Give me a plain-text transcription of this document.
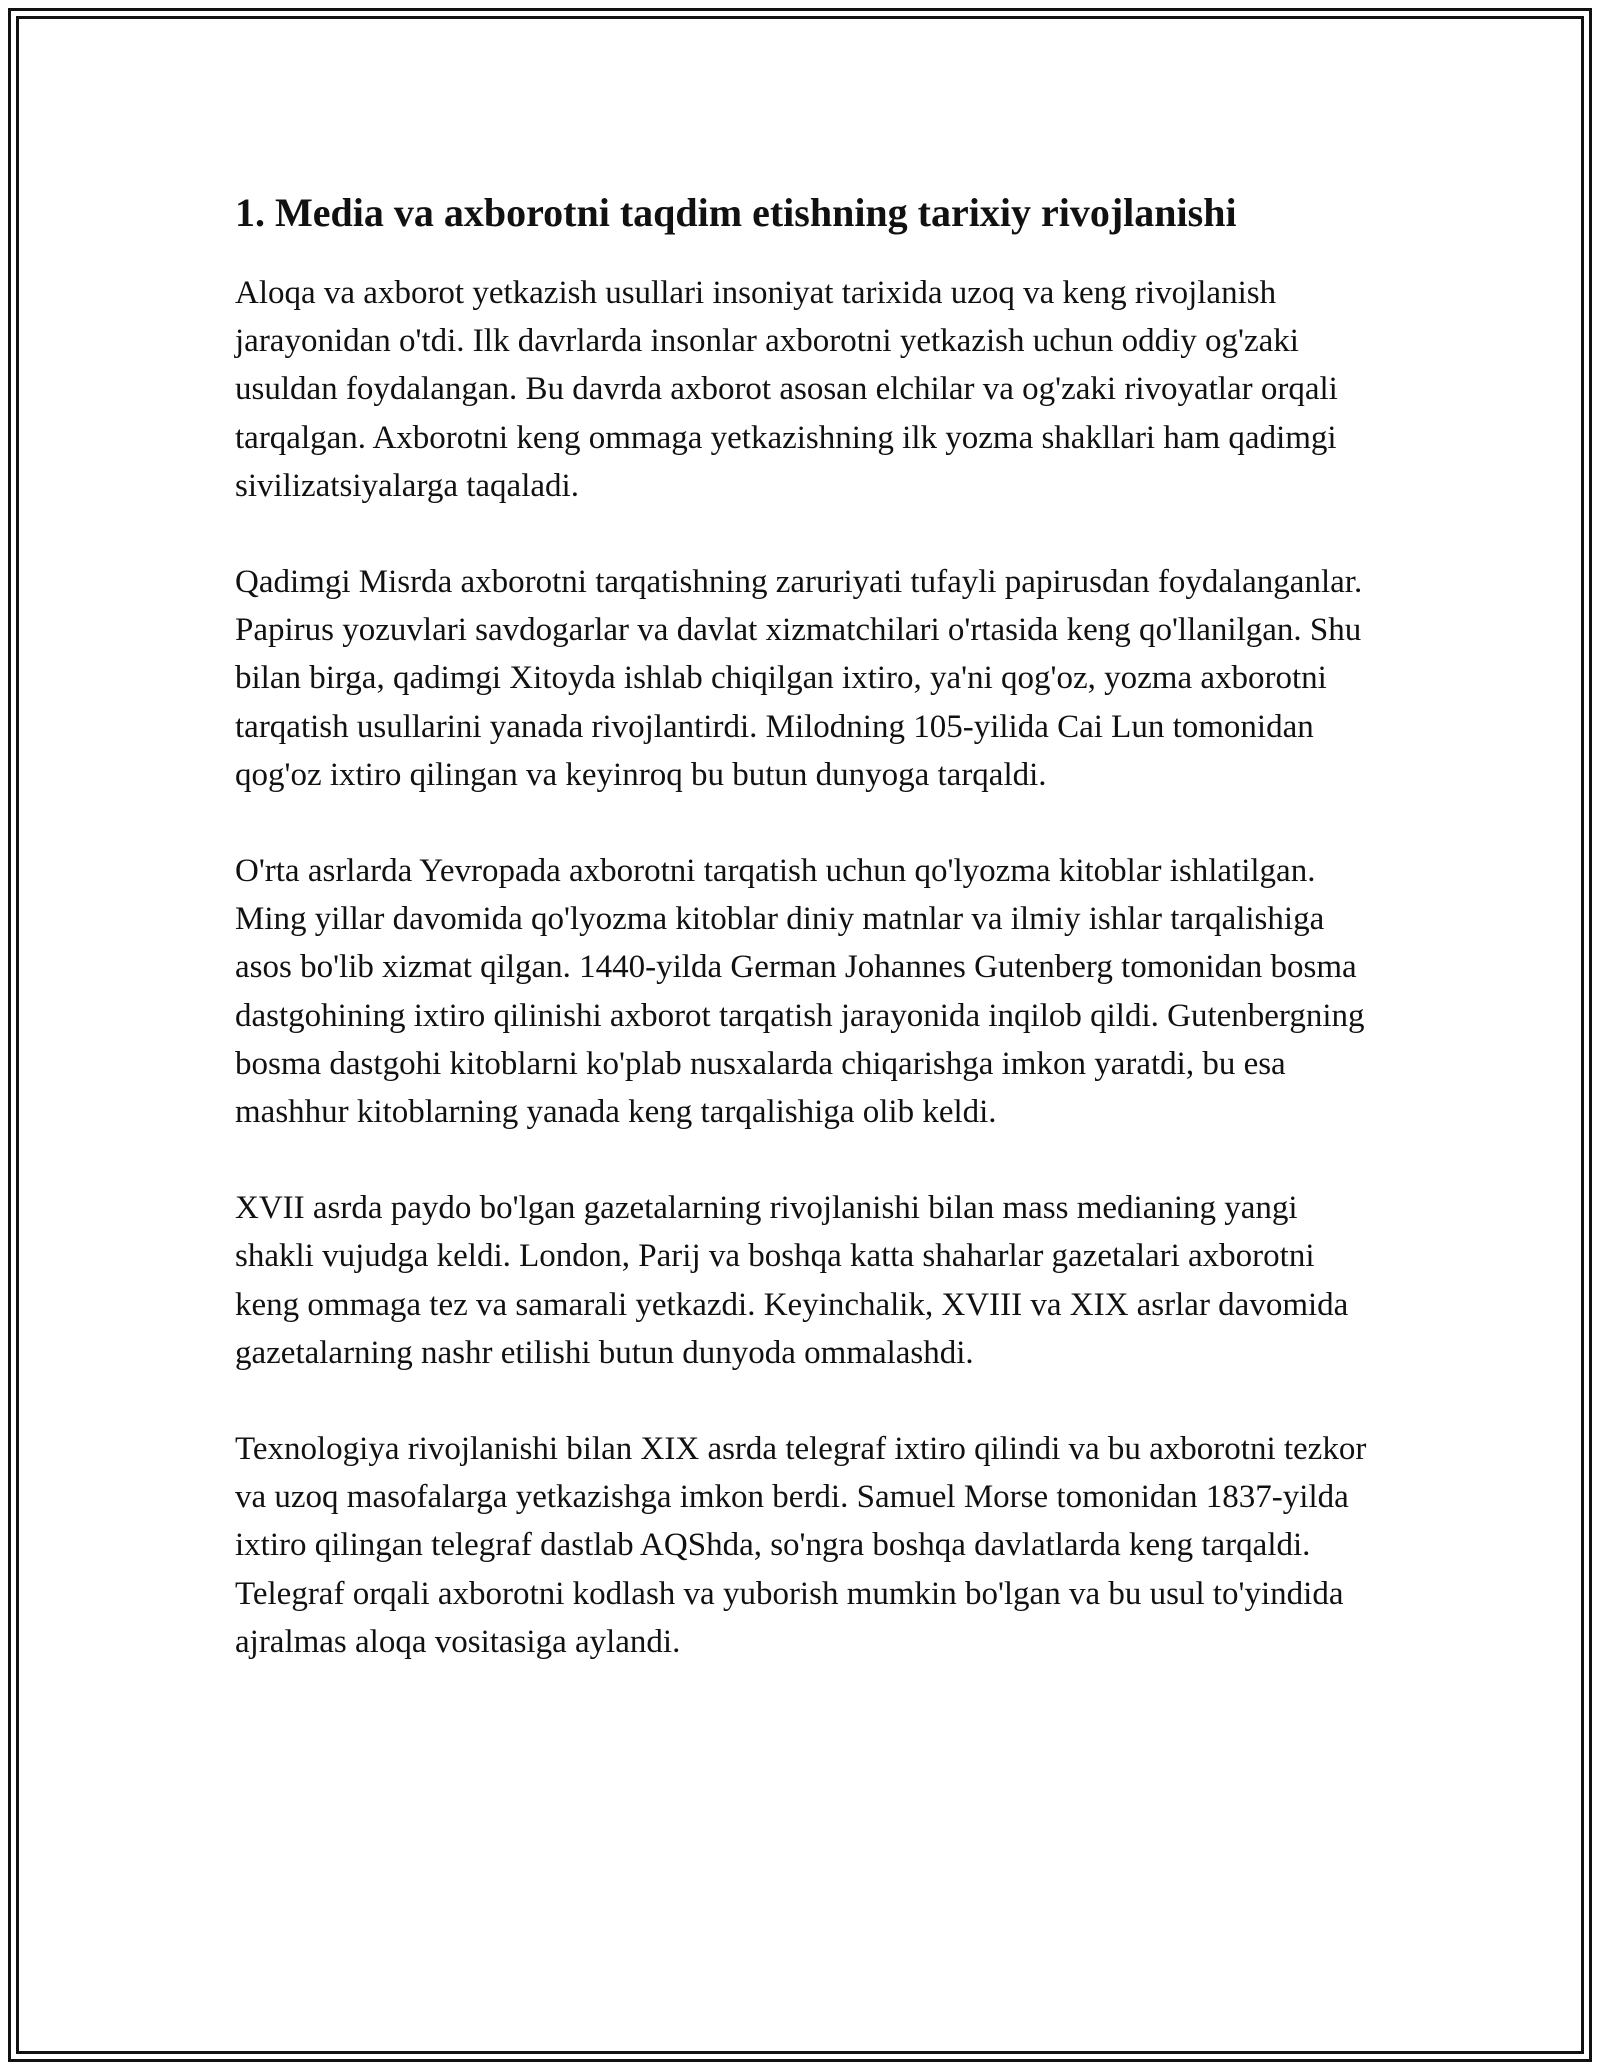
1. Media va axborotni taqdim etishning tarixiy rivojlanishi

Aloqa va axborot yetkazish usullari insoniyat tarixida uzoq va keng rivojlanish jarayonidan o'tdi. Ilk davrlarda insonlar axborotni yetkazish uchun oddiy og'zaki usuldan foydalangan. Bu davrda axborot asosan elchilar va og'zaki rivoyatlar orqali tarqalgan. Axborotni keng ommaga yetkazishning ilk yozma shakllari ham qadimgi sivilizatsiyalarga taqaladi.

Qadimgi Misrda axborotni tarqatishning zaruriyati tufayli papirusdan foydalanganlar. Papirus yozuvlari savdogarlar va davlat xizmatchilari o'rtasida keng qo'llanilgan. Shu bilan birga, qadimgi Xitoyda ishlab chiqilgan ixtiro, ya'ni qog'oz, yozma axborotni tarqatish usullarini yanada rivojlantirdi. Milodning 105-yilida Cai Lun tomonidan qog'oz ixtiro qilingan va keyinroq bu butun dunyoga tarqaldi.

O'rta asrlarda Yevropada axborotni tarqatish uchun qo'lyozma kitoblar ishlatilgan. Ming yillar davomida qo'lyozma kitoblar diniy matnlar va ilmiy ishlar tarqalishiga asos bo'lib xizmat qilgan. 1440-yilda German Johannes Gutenberg tomonidan bosma dastgohining ixtiro qilinishi axborot tarqatish jarayonida inqilob qildi. Gutenbergning bosma dastgohi kitoblarni ko'plab nusxalarda chiqarishga imkon yaratdi, bu esa mashhur kitoblarning yanada keng tarqalishiga olib keldi.

XVII asrda paydo bo'lgan gazetalarning rivojlanishi bilan mass medianing yangi shakli vujudga keldi. London, Parij va boshqa katta shaharlar gazetalari axborotni keng ommaga tez va samarali yetkazdi. Keyinchalik, XVIII va XIX asrlar davomida gazetalarning nashr etilishi butun dunyoda ommalashdi.

Texnologiya rivojlanishi bilan XIX asrda telegraf ixtiro qilindi va bu axborotni tezkor va uzoq masofalarga yetkazishga imkon berdi. Samuel Morse tomonidan 1837-yilda ixtiro qilingan telegraf dastlab AQShda, so'ngra boshqa davlatlarda keng tarqaldi. Telegraf orqali axborotni kodlash va yuborish mumkin bo'lgan va bu usul to'yindida ajralmas aloqa vositasiga aylandi.
